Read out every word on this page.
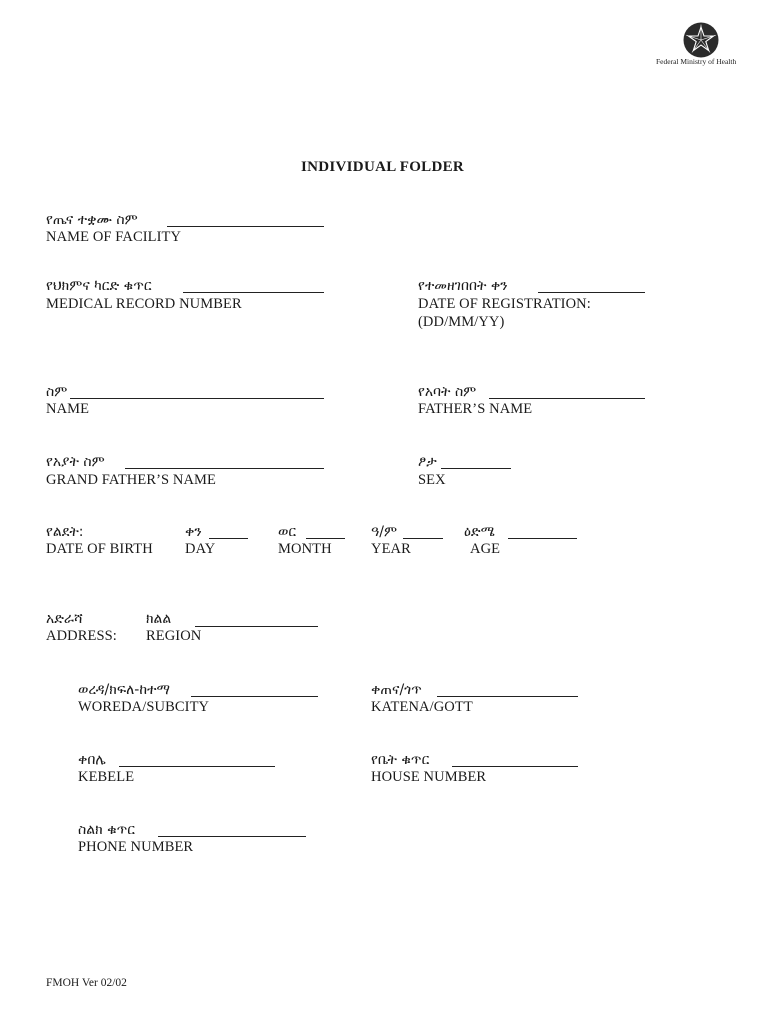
Federal Ministry of Health
INDIVIDUAL FOLDER
የጤና ተቋሙ ስም
NAME OF FACILITY
የህክምና ካርድ ቁጥር
MEDICAL RECORD NUMBER
የተመዘገበበት ቀን
DATE OF REGISTRATION:
(DD/MM/YY)
ስም
NAME
የአባት ስም
FATHER’S NAME
የአያት ስም
GRAND FATHER’S NAME
ፆታ
SEX
የልደት:
DATE OF BIRTH
ቀን
DAY
ወር
MONTH
ዓ/ም
YEAR
ዕድሜ
AGE
አድራሻ
ADDRESS:
ክልል
REGION
ወረዳ/ክፍለ-ከተማ
WOREDA/SUBCITY
ቀጠና/ጎጥ
KATENA/GOTT
ቀበሌ
KEBELE
የቤት ቁጥር
HOUSE NUMBER
ስልክ ቁጥር
PHONE NUMBER
FMOH Ver 02/02
